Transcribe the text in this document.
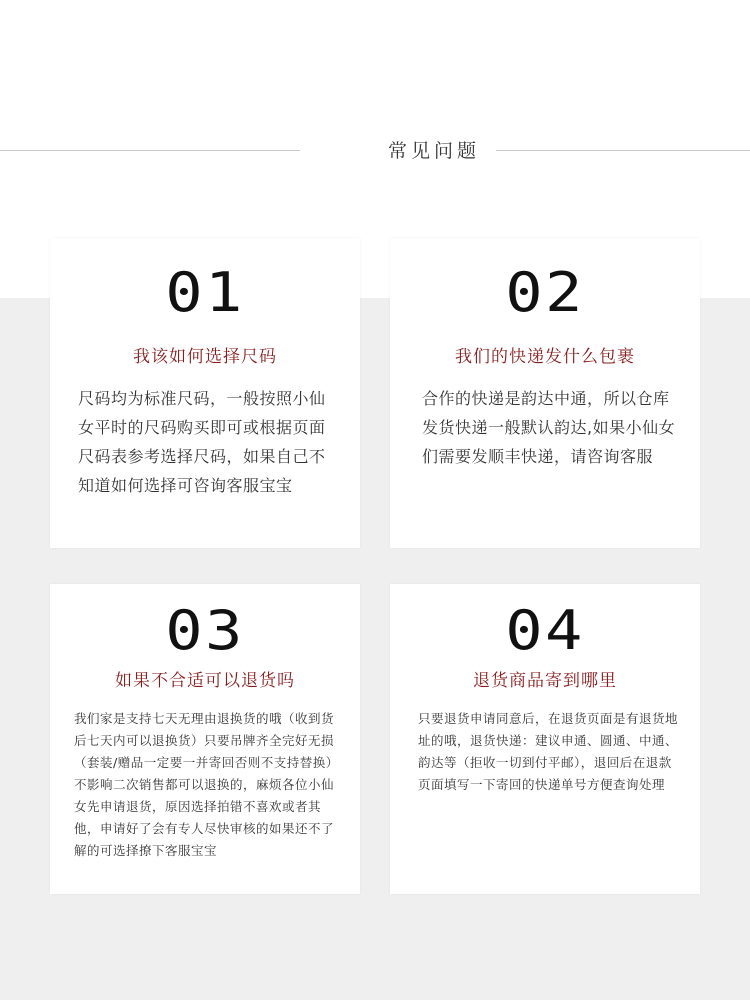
常见问题
01
我该如何选择尺码
尺码均为标准尺码，一般按照小仙女平时的尺码购买即可或根据页面尺码表参考选择尺码，如果自己不知道如何选择可咨询客服宝宝
02
我们的快递发什么包裹
合作的快递是韵达中通，所以仓库发货快递一般默认韵达,如果小仙女们需要发顺丰快递，请咨询客服
03
如果不合适可以退货吗
我们家是支持七天无理由退换货的哦（收到货后七天内可以退换货）只要吊牌齐全完好无损（套装/赠品一定要一并寄回否则不支持替换）不影响二次销售都可以退换的，麻烦各位小仙女先申请退货，原因选择拍错不喜欢或者其他，申请好了会有专人尽快审核的如果还不了解的可选择撩下客服宝宝
04
退货商品寄到哪里
只要退货申请同意后，在退货页面是有退货地址的哦，退货快递：建议申通、圆通、中通、韵达等（拒收一切到付平邮），退回后在退款页面填写一下寄回的快递单号方便查询处理
